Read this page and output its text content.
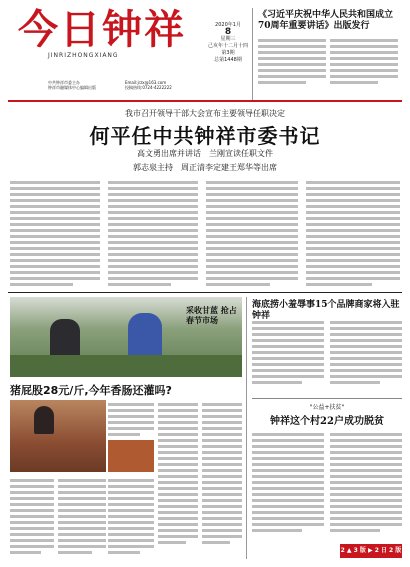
今日钟祥
JINRIZHONGXIANG
中共钟祥市委主办
钟祥市融媒体中心编辑出版
Email:jrzx@163.com
投稿热线:0724-4222222
2020年1月
8
星期三
己亥年十二月十四
第3期
总第1448期
《习近平庆祝中华人民共和国成立70周年重要讲话》出版发行
我市召开领导干部大会宣布主要领导任职决定
何平任中共钟祥市委书记
高文勇出席并讲话　兰刚宣读任职文件
郭志泉主持　周正清李定建王郑华等出席
采收甘蓝 抢占春节市场
猪屁股28元/斤,今年香肠还灌吗?
海底捞小羞辱事15个品牌商家将入驻钟祥
"公益+扶贫"
钟祥这个村22户成功脱贫
2 ▲ 3 版 ▶ 2 日 2 版
